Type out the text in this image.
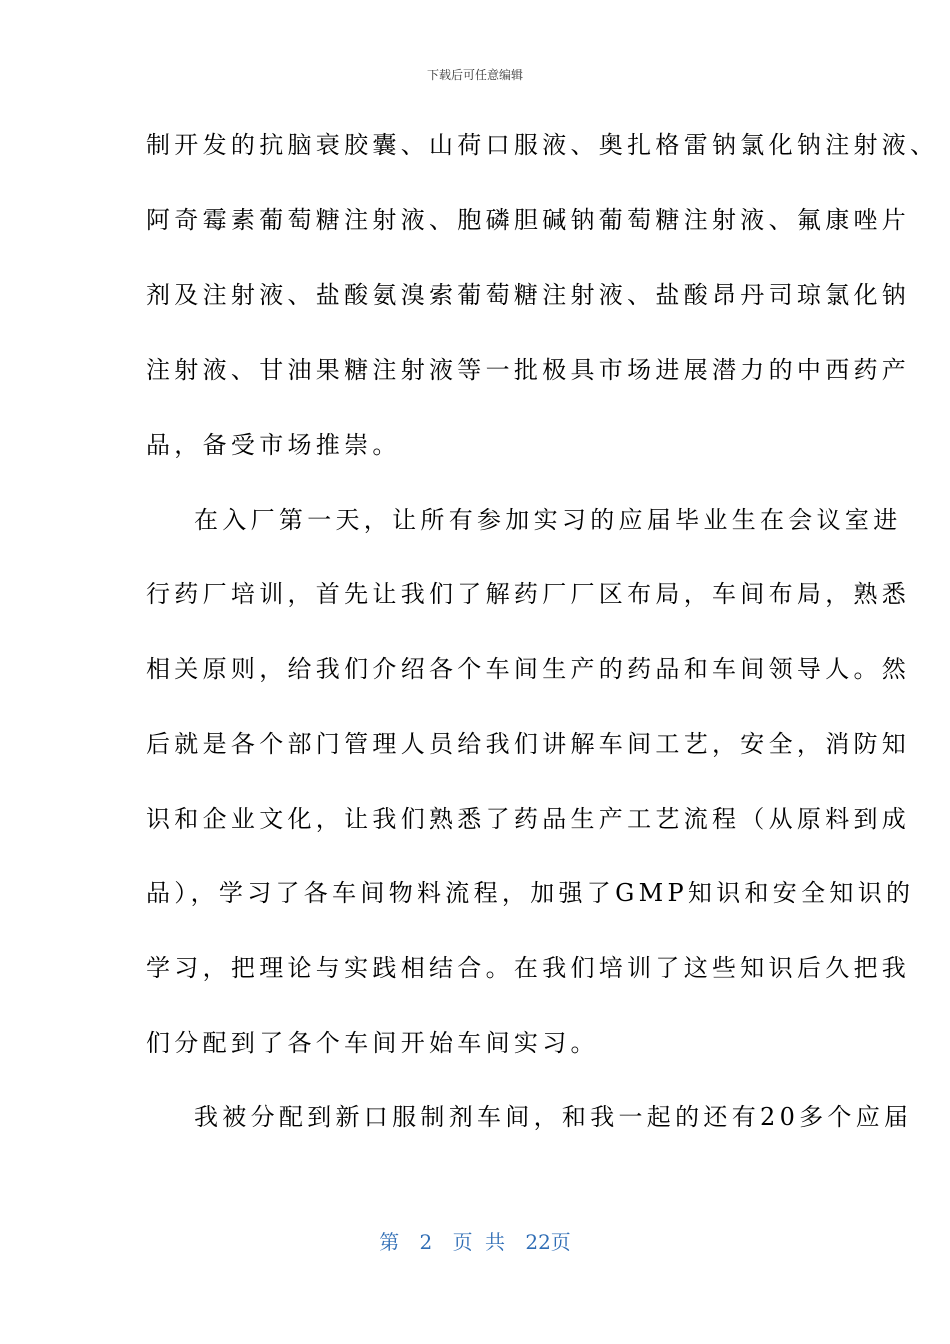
下载后可任意编辑
制开发的抗脑衰胶囊、山荷口服液、奥扎格雷钠氯化钠注射液、
阿奇霉素葡萄糖注射液、胞磷胆碱钠葡萄糖注射液、氟康唑片
剂及注射液、盐酸氨溴索葡萄糖注射液、盐酸昂丹司琼氯化钠
注射液、甘油果糖注射液等一批极具市场进展潜力的中西药产
品，备受市场推崇。
在入厂第一天，让所有参加实习的应届毕业生在会议室进
行药厂培训，首先让我们了解药厂厂区布局，车间布局，熟悉
相关原则，给我们介绍各个车间生产的药品和车间领导人。然
后就是各个部门管理人员给我们讲解车间工艺，安全，消防知
识和企业文化，让我们熟悉了药品生产工艺流程（从原料到成
品），学习了各车间物料流程，加强了GMP知识和安全知识的
学习，把理论与实践相结合。在我们培训了这些知识后久把我
们分配到了各个车间开始车间实习。
我被分配到新口服制剂车间，和我一起的还有20多个应届
第 2 页 共 22页
